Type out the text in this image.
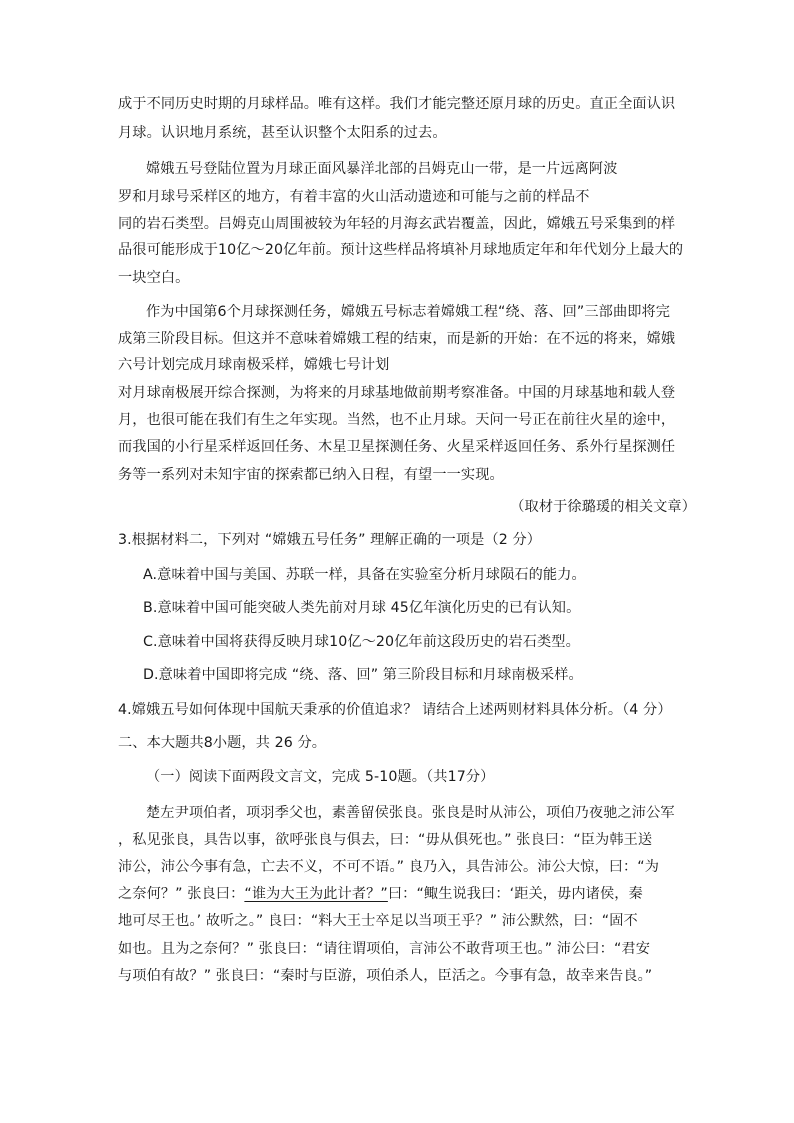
成于不同历史时期的月球样品。唯有这样。我们才能完整还原月球的历史。直正全面认识
月球。认识地月系统，甚至认识整个太阳系的过去。
嫦娥五号登陆位置为月球正面风暴洋北部的吕姆克山一带，是一片远离阿波
罗和月球号采样区的地方，有着丰富的火山活动遗迹和可能与之前的样品不
同的岩石类型。吕姆克山周围被较为年轻的月海玄武岩覆盖，因此，嫦娥五号采集到的样
品很可能形成于10亿～20亿年前。预计这些样品将填补月球地质定年和年代划分上最大的
一块空白。
作为中国第6个月球探测任务，嫦娥五号标志着嫦娥工程“绕、落、回”三部曲即将完
成第三阶段目标。但这并不意味着嫦娥工程的结束，而是新的开始：在不远的将来，嫦娥
六号计划完成月球南极采样，嫦娥七号计划
对月球南极展开综合探测，为将来的月球基地做前期考察准备。中国的月球基地和载人登
月，也很可能在我们有生之年实现。当然，也不止月球。天问一号正在前往火星的途中，
而我国的小行星采样返回任务、木星卫星探测任务、火星采样返回任务、系外行星探测任
务等一系列对未知宇宙的探索都已纳入日程，有望一一实现。
（取材于徐璐瑗的相关文章）
3.根据材料二，下列对 “嫦娥五号任务” 理解正确的一项是（2 分）
A.意味着中国与美国、苏联一样，具备在实验室分析月球陨石的能力。
B.意味着中国可能突破人类先前对月球 45亿年演化历史的已有认知。
C.意味着中国将获得反映月球10亿～20亿年前这段历史的岩石类型。
D.意味着中国即将完成 “绕、落、回” 第三阶段目标和月球南极采样。
4.嫦娥五号如何体现中国航天秉承的价值追求？ 请结合上述两则材料具体分析。（4 分）
二、本大题共8小题，共 26 分。
（一）阅读下面两段文言文，完成 5-10题。（共17分）
楚左尹项伯者，项羽季父也，素善留侯张良。张良是时从沛公，项伯乃夜驰之沛公军
，私见张良，具告以事，欲呼张良与俱去，曰：“毋从俱死也。” 张良曰：“臣为韩王送
沛公，沛公今事有急，亡去不义，不可不语。” 良乃入，具告沛公。沛公大惊，曰：“为
之奈何？” 张良曰：“谁为大王为此计者？”曰：“鲰生说我曰：‘距关，毋内诸侯，秦
地可尽王也。’ 故听之。” 良曰：“料大王士卒足以当项王乎？” 沛公默然，曰：“固不
如也。且为之奈何？” 张良曰：“请往谓项伯，言沛公不敢背项王也。” 沛公曰：“君安
与项伯有故？” 张良曰：“秦时与臣游，项伯杀人，臣活之。今事有急，故幸来告良。”
